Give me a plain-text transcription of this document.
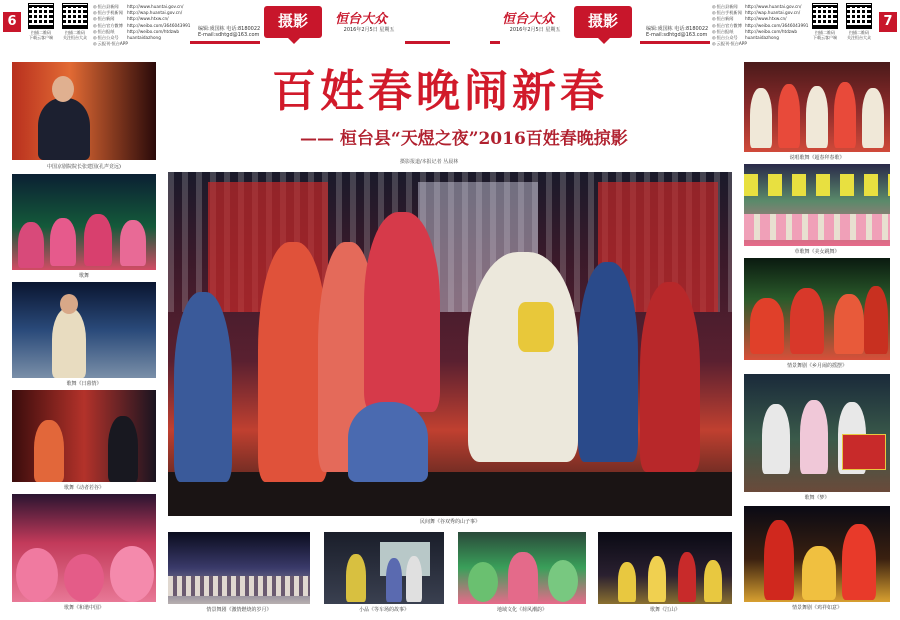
6
扫描二维码
下载云客户端
扫描二维码
关注恒台大众
◎ 恒台县新闻
◎ 恒台手机新闻
◎ 恒台新闻
◎ 恒台官方微博
◎ 恒台报纸
◎ 恒台公众号
◎ 云报刊·恒台APP
http://www.huantai.gov.cn/
http://wap.huantai.gov.cn/
http://www.htxw.cn/
http://weibo.com/3646043991
http://weibo.com/htdzwb
huantaidazhong
编辑:虞国栋 电话:8180022
E-mail:sdhtgd@163.com
摄影	恒台大众
2016年2月5日 星期五
恒台大众
2016年2月5日 星期五	摄影	编辑:虞国栋 电话:8180022
E-mail:sdhtgd@163.com
◎ 恒台县新闻
◎ 恒台手机新闻
◎ 恒台新闻
◎ 恒台官方微博
◎ 恒台报纸
◎ 恒台公众号
◎ 云报刊·恒台APP
http://www.huantai.gov.cn/
http://wap.huantai.gov.cn/
http://www.htxw.cn/
http://weibo.com/3646043991
http://weibo.com/htdzwb
huantaidazhong
扫描二维码
下载云客户端
扫描二维码
关注恒台大众
7
百姓春晚闹新春
—— 桓台县“天煜之夜”2016百姓春晚掠影
摄影报道/本报记者 丛晨林
中国京剧院院长张建国(孔声竞远)
歌舞
歌舞《日暮情》
歌舞《动者若谷》
歌舞《和谐中国》
民间舞《谷双秀的山子事》
情景舞剧《激情燃烧的岁月》	小品《等车场的故事》	地域文化《荷风潮韵》	歌舞《江山》
说唱歌舞《超春拜春歌》
草歌舞《美女跳舞》
情景舞剧《乡月闹的摇摆》
歌舞《梦》
情景舞剧《鸡祥如意》
